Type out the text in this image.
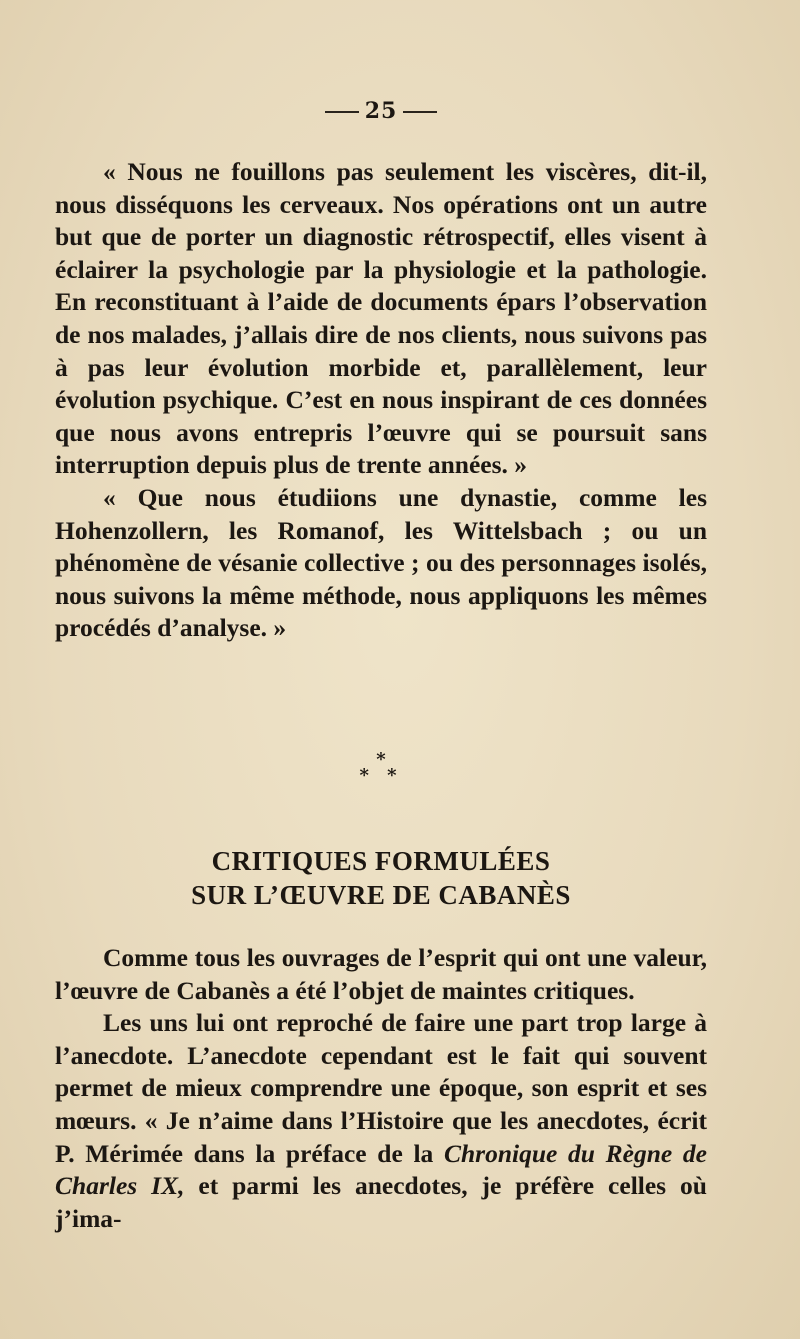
25

« Nous ne fouillons pas seulement les viscères, dit-il, nous disséquons les cerveaux. Nos opérations ont un autre but que de porter un diagnostic rétrospectif, elles visent à éclairer la psychologie par la physiologie et la pathologie. En reconstituant à l’aide de documents épars l’observation de nos malades, j’allais dire de nos clients, nous suivons pas à pas leur évolution morbide et, parallèlement, leur évolution psychique. C’est en nous inspirant de ces données que nous avons entrepris l’œuvre qui se poursuit sans interruption depuis plus de trente années. »

« Que nous étudiions une dynastie, comme les Hohenzollern, les Romanof, les Wittelsbach ; ou un phénomène de vésanie collective ; ou des personnages isolés, nous suivons la même méthode, nous appliquons les mêmes procédés d’analyse. »

*
* *
CRITIQUES FORMULÉES
SUR L’ŒUVRE DE CABANÈS

Comme tous les ouvrages de l’esprit qui ont une valeur, l’œuvre de Cabanès a été l’objet de maintes critiques.

Les uns lui ont reproché de faire une part trop large à l’anecdote. L’anecdote cependant est le fait qui souvent permet de mieux comprendre une époque, son esprit et ses mœurs. « Je n’aime dans l’Histoire que les anecdotes, écrit P. Mérimée dans la préface de la Chronique du Règne de Charles IX, et parmi les anecdotes, je préfère celles où j’ima-
